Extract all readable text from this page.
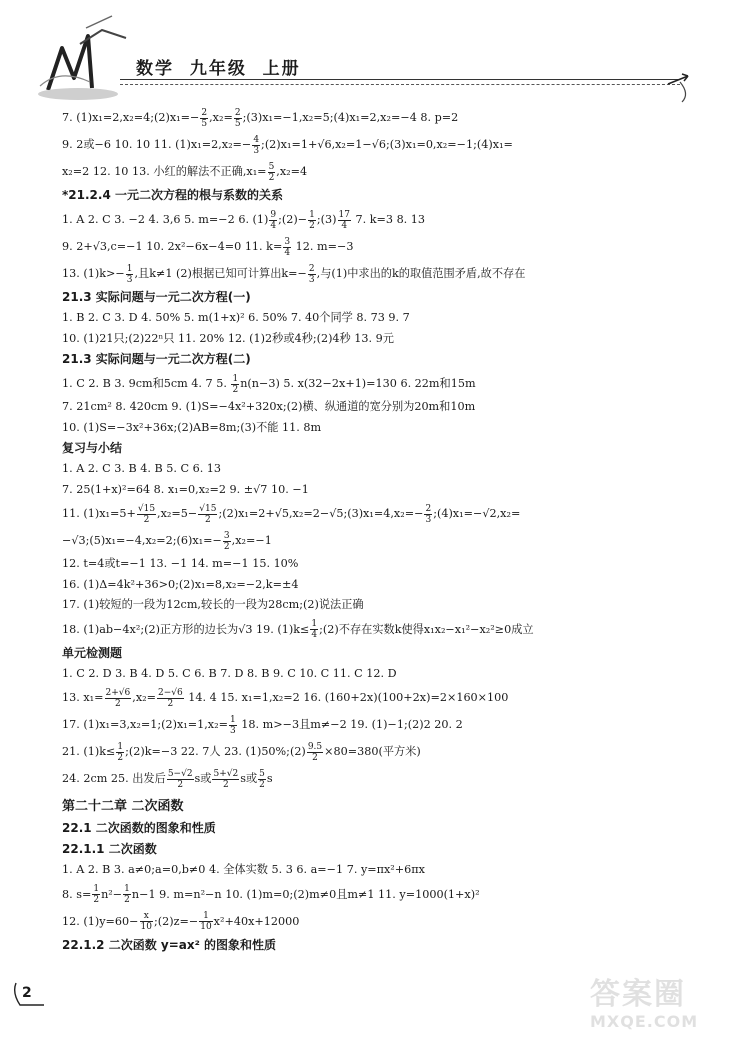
数学  九年级  上册
7. (1)x₁=2,x₂=4;(2)x₁=− $\frac{2}{5} ,x_2= \frac{2}{5}$ ;(3)x₁=−1,x₂=5;(4)x₁=2,x₂=−4 8. p=2
9. 2或−6 10. 10 11. $(1)x_1=2,x_2=- \frac{4}{3}$ ;(2)x₁=1+√6,x₂=1−√6;(3)x₁=0,x₂=−1;(4)x₁=
x₂=2 12. 10 13. 小红的解法不正确$,x_1= \frac{5}{2} ,x_2=4$
*21.2.4 一元二次方程的根与系数的关系
1. A 2. C 3. −2 4. 3,6 5. m=−2 6. $(1) \frac{9}{4}$ ;(2)− $\frac{1}{2}$ ;(3) $\frac{17}{4} 7$. k=3 8. 13
9. 2+√3,c=−1 10. 2x²−6x−4=0 11. $k= \frac{3}{4} 12$. m=−3
13. $(1)k>- \frac{1}{3}$ ,且k≠1 (2)根据已知可计算出$k=- \frac{2}{3}$ ,与(1)中求出的k的取值范围矛盾,故不存在
21.3 实际问题与一元二次方程(一)
1. B 2. C 3. D 4. 50% 5. m(1+x)² 6. 50% 7. 40个同学 8. 73 9. 7
10. (1)21只;(2)22ⁿ只 11. 20% 12. (1)2秒或4秒;(2)4秒 13. 9元
21.3 实际问题与一元二次方程(二)
1. C 2. B 3. 9cm和5cm 4. 7 5. $\frac{1}{2} n(n-3)$ 5. x(32−2x+1)=130 6. 22m和15m
7. 21cm² 8. 420cm 9. (1)S=−4x²+320x;(2)横、纵通道的宽分别为20m和10m
10. (1)S=−3x²+36x;(2)AB=8m;(3)不能 11. 8m
复习与小结
1. A 2. C 3. B 4. B 5. C 6. 13
7. 25(1+x)²=64 8. x₁=0,x₂=2 9. ±√7 10. −1
11. $(1)x_1=5+ \frac{√15}{2} ,x_2=5- \frac{√15}{2}$ ;(2)x₁=2+√5,x₂=2−√5;(3)x₁=4,x₂=− $\frac{2}{3}$ ;(4)x₁=−√2,x₂=
−√3;(5)x₁=−4,x₂=2;(6)x₁=− $\frac{3}{2} ,x_2=-1$
12. t=4或t=−1 13. −1 14. m=−1 15. 10%
16. (1)Δ=4k²+36>0;(2)x₁=8,x₂=−2,k=±4
17. (1)较短的一段为12cm,较长的一段为28cm;(2)说法正确
18. (1)ab−4x²;(2)正方形的边长为√3 19. $(1)k\le \frac{1}{4}$ ;(2)不存在实数k使得x₁x₂−x₁²−x₂²≥0成立
单元检测题
1. C 2. D 3. B 4. D 5. C 6. B 7. D 8. B 9. C 10. C 11. C 12. D
13. $x_1= \frac{2+√6}{2} ,x_2= \frac{2-√6}{2} 14$. 4 15. x₁=1,x₂=2 16. (160+2x)(100+2x)=2×160×100
17. (1)x₁=3,x₂=1;(2)x₁=1,x₂= $\frac{1}{3} 18$. m>−3且m≠−2 19. (1)−1;(2)2 20. 2
21. $(1)k\le \frac{1}{2}$ ;(2)k=−3 22. 7人 23. (1)50%;(2) $\frac{9.5}{2} \times 80=380$(平方米)
24. 2cm 25. 出发后 $\frac{5-√2}{2}$ s或 $\frac{5+√2}{2}$ s或 $\frac{5}{2}$ s
第二十二章 二次函数
22.1 二次函数的图象和性质
22.1.1 二次函数
1. A 2. B 3. a≠0;a=0,b≠0 4. 全体实数 5. 3 6. a=−1 7. y=πx²+6πx
8. $s= \frac{1}{2} n^2- \frac{1}{2} n-1$ 9. m=n²−n 10. (1)m=0;(2)m≠0且m≠1 11. y=1000(1+x)²
12. $(1)y=60- \frac{x}{10}$ ;(2)z=− $\frac{1}{10} x^2+40x+12000$
22.1.2 二次函数 y=ax² 的图象和性质
2	答案圈
MXQE.COM
